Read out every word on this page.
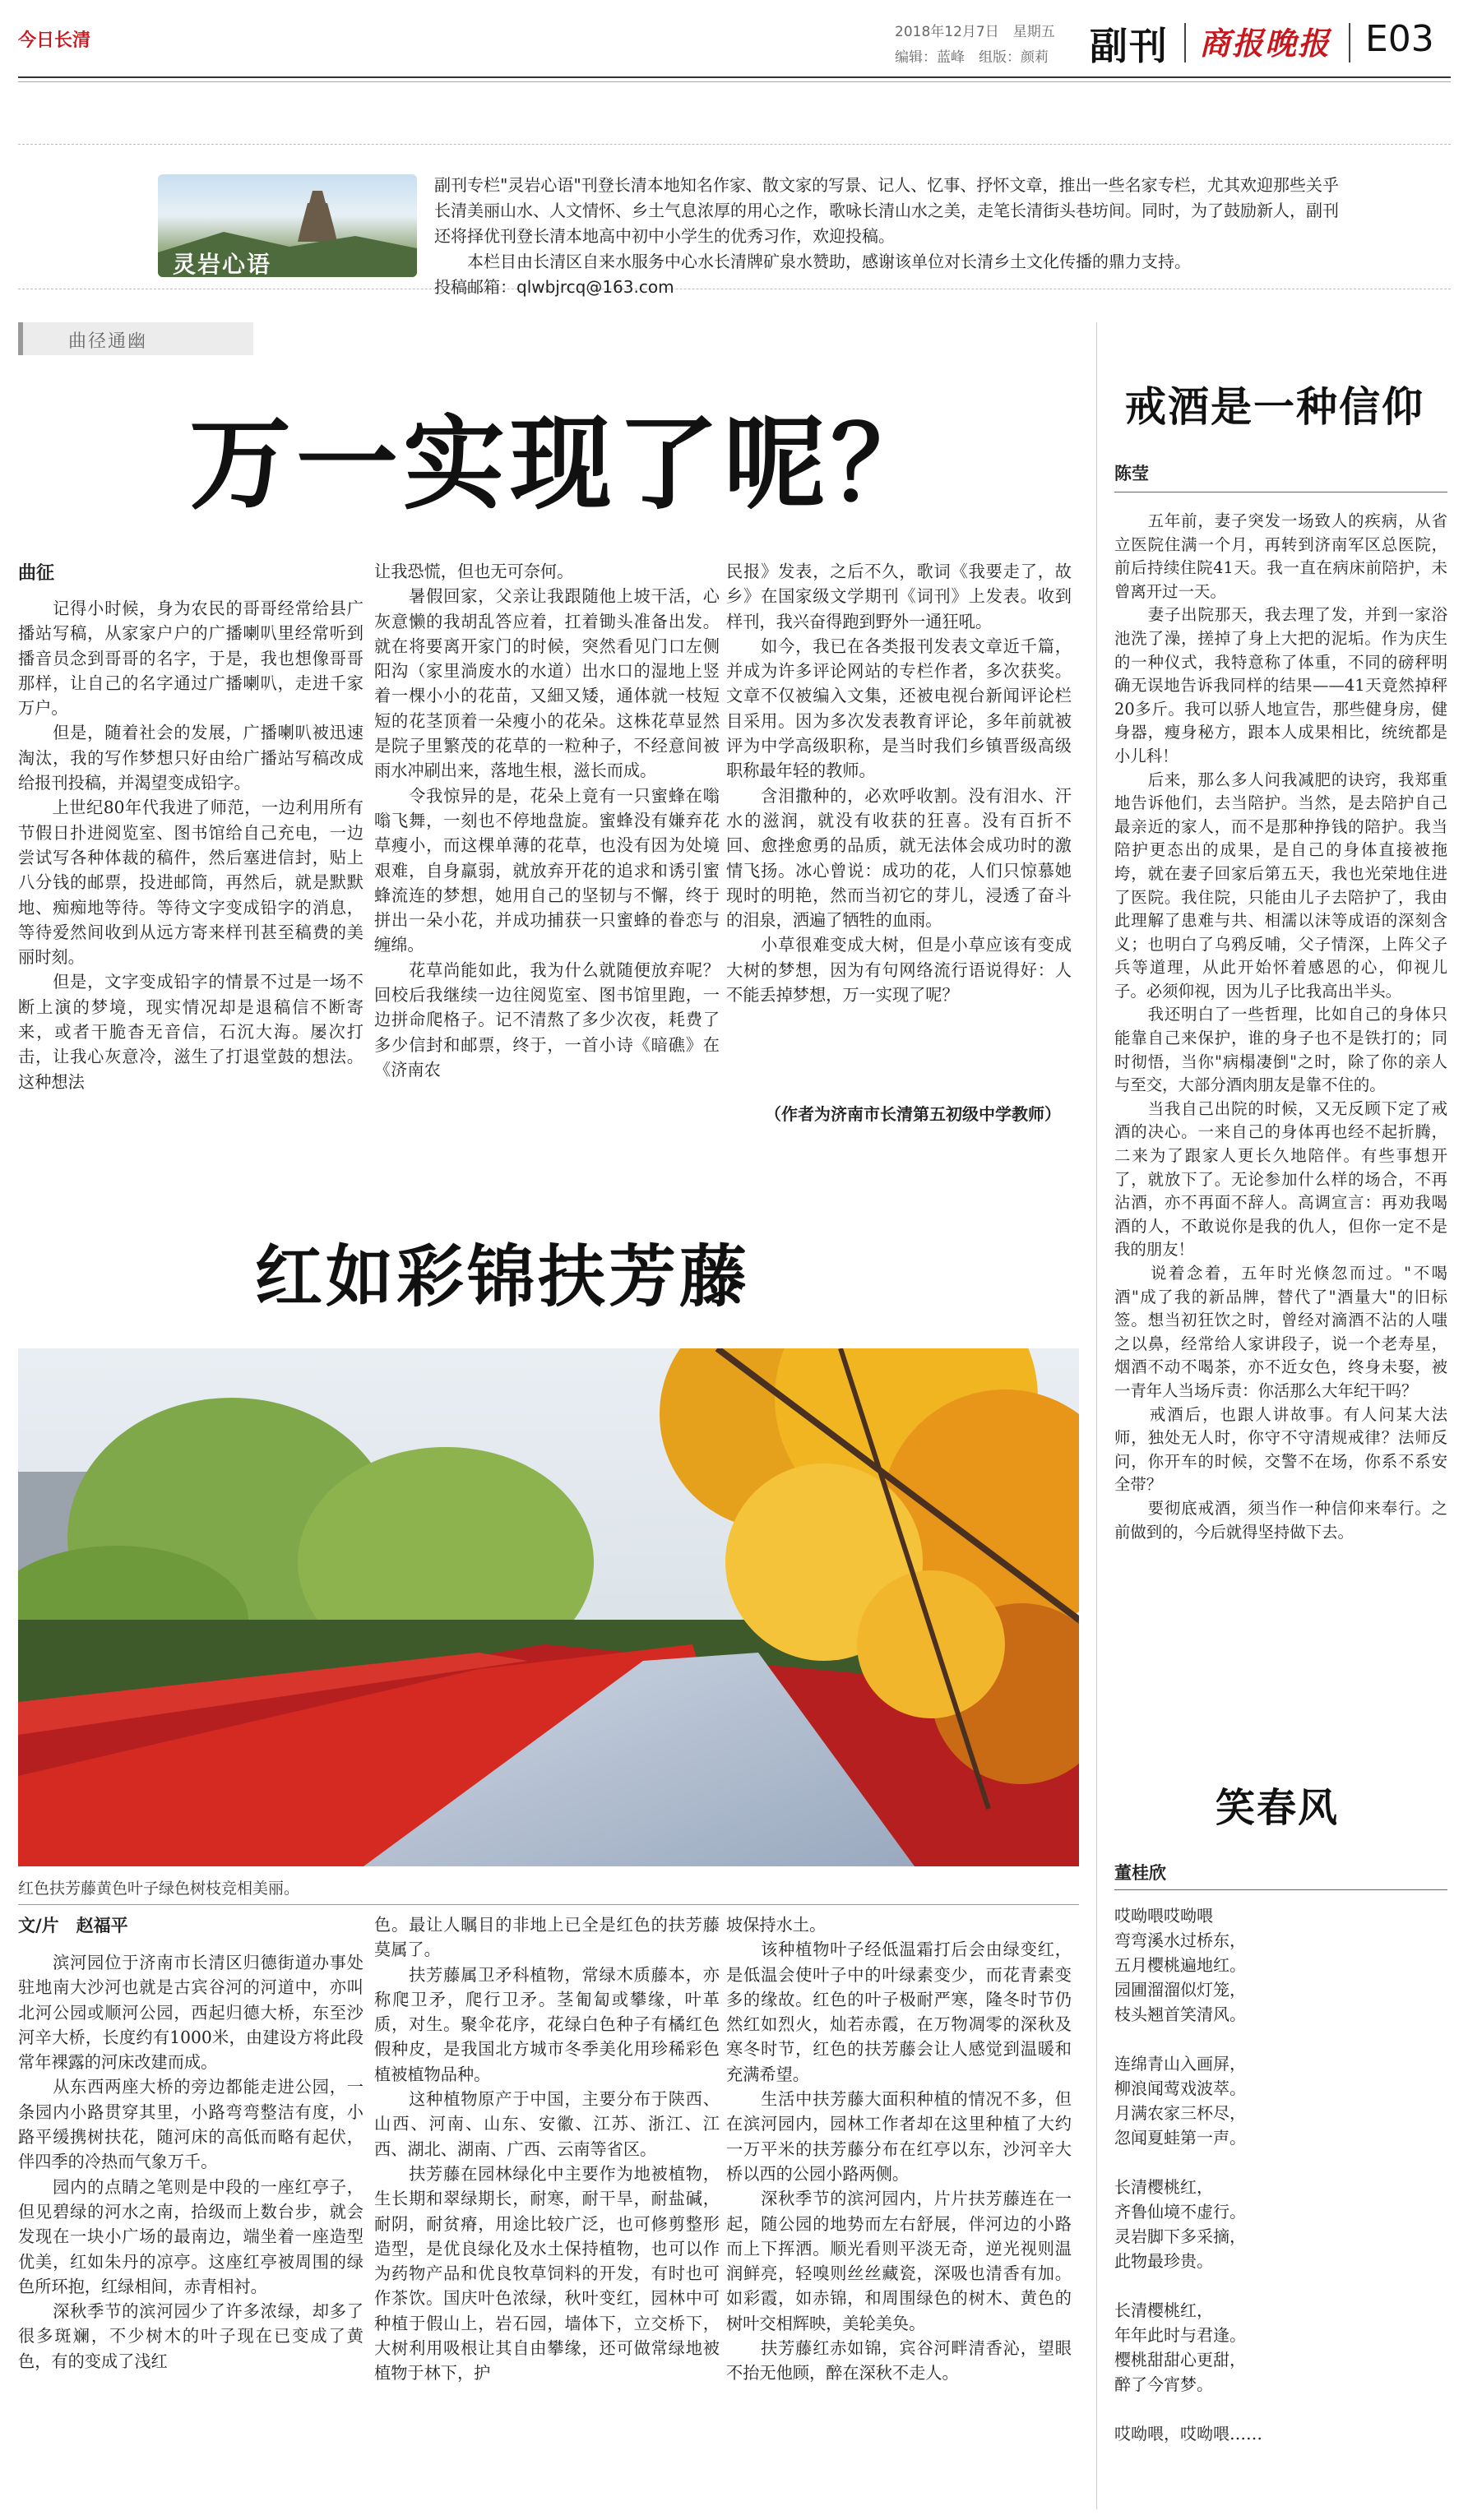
今日长清	2018年12月7日　星期五
编辑：蓝峰　组版：颜莉 副刊 商报晚报 E03
灵岩心语
副刊专栏"灵岩心语"刊登长清本地知名作家、散文家的写景、记人、忆事、抒怀文章，推出一些名家专栏，尤其欢迎那些关乎长清美丽山水、人文情怀、乡土气息浓厚的用心之作，歌咏长清山水之美，走笔长清街头巷坊间。同时，为了鼓励新人，副刊还将择优刊登长清本地高中初中小学生的优秀习作，欢迎投稿。
本栏目由长清区自来水服务中心水长清牌矿泉水赞助，感谢该单位对长清乡土文化传播的鼎力支持。
投稿邮箱：qlwbjrcq@163.com
曲径通幽
万一实现了呢？
曲征
　　记得小时候，身为农民的哥哥经常给县广播站写稿，从家家户户的广播喇叭里经常听到播音员念到哥哥的名字，于是，我也想像哥哥那样，让自己的名字通过广播喇叭，走进千家万户。
　　但是，随着社会的发展，广播喇叭被迅速淘汰，我的写作梦想只好由给广播站写稿改成给报刊投稿，并渴望变成铅字。
　　上世纪80年代我进了师范，一边利用所有节假日扑进阅览室、图书馆给自己充电，一边尝试写各种体裁的稿件，然后塞进信封，贴上八分钱的邮票，投进邮筒，再然后，就是默默地、痴痴地等待。等待文字变成铅字的消息，等待爱然间收到从远方寄来样刊甚至稿费的美丽时刻。
　　但是，文字变成铅字的情景不过是一场不断上演的梦境，现实情况却是退稿信不断寄来，或者干脆杳无音信，石沉大海。屡次打击，让我心灰意冷，滋生了打退堂鼓的想法。这种想法
让我恐慌，但也无可奈何。
　　暑假回家，父亲让我跟随他上坡干活，心灰意懒的我胡乱答应着，扛着锄头准备出发。就在将要离开家门的时候，突然看见门口左侧阳沟（家里淌废水的水道）出水口的湿地上竖着一棵小小的花苗，又細又矮，通体就一枝短短的花茎顶着一朵瘦小的花朵。这株花草显然是院子里繁茂的花草的一粒种子，不经意间被雨水冲刷出来，落地生根，滋长而成。
　　令我惊异的是，花朵上竟有一只蜜蜂在嗡嗡飞舞，一刻也不停地盘旋。蜜蜂没有嫌弃花草瘦小，而这棵单薄的花草，也没有因为处境艰难，自身羸弱，就放弃开花的追求和诱引蜜蜂流连的梦想，她用自己的坚韧与不懈，终于拼出一朵小花，并成功捕获一只蜜蜂的眷恋与缠绵。
　　花草尚能如此，我为什么就随便放弃呢？回校后我继续一边往阅览室、图书馆里跑，一边拼命爬格子。记不清熬了多少次夜，耗费了多少信封和邮票，终于，一首小诗《暗礁》在《济南农
民报》发表，之后不久，歌词《我要走了，故乡》在国家级文学期刊《词刊》上发表。收到样刊，我兴奋得跑到野外一通狂吼。
　　如今，我已在各类报刊发表文章近千篇，并成为许多评论网站的专栏作者，多次获奖。文章不仅被编入文集，还被电视台新闻评论栏目采用。因为多次发表教育评论，多年前就被评为中学高级职称，是当时我们乡镇晋级高级职称最年轻的教师。
　　含泪撒种的，必欢呼收割。没有泪水、汗水的滋润，就没有收获的狂喜。没有百折不回、愈挫愈勇的品质，就无法体会成功时的激情飞扬。冰心曾说：成功的花，人们只惊慕她现时的明艳，然而当初它的芽儿，浸透了奋斗的泪泉，洒遍了牺牲的血雨。
　　小草很难变成大树，但是小草应该有变成大树的梦想，因为有句网络流行语说得好：人不能丢掉梦想，万一实现了呢？
（作者为济南市长清第五初级中学教师）
红如彩锦扶芳藤
红色扶芳藤黄色叶子绿色树枝竞相美丽。
文/片　赵福平
　　滨河园位于济南市长清区归德街道办事处驻地南大沙河也就是古宾谷河的河道中，亦叫北河公园或顺河公园，西起归德大桥，东至沙河辛大桥，长度约有1000米，由建设方将此段常年裸露的河床改建而成。
　　从东西两座大桥的旁边都能走进公园，一条园内小路贯穿其里，小路弯弯整洁有度，小路平缓携树扶花，随河床的高低而略有起伏，伴四季的冷热而气象万千。
　　园内的点睛之笔则是中段的一座红亭子，但见碧绿的河水之南，拾级而上数台步，就会发现在一块小广场的最南边，端坐着一座造型优美，红如朱丹的凉亭。这座红亭被周围的绿色所环抱，红绿相间，赤青相衬。
　　深秋季节的滨河园少了许多浓绿，却多了很多斑斓，不少树木的叶子现在已变成了黄色，有的变成了浅红
色。最让人瞩目的非地上已全是红色的扶芳藤莫属了。
　　扶芳藤属卫矛科植物，常绿木质藤本，亦称爬卫矛，爬行卫矛。茎匍匐或攀缘，叶革质，对生。聚伞花序，花绿白色种子有橘红色假种皮，是我国北方城市冬季美化用珍稀彩色植被植物品种。
　　这种植物原产于中国，主要分布于陕西、山西、河南、山东、安徽、江苏、浙江、江西、湖北、湖南、广西、云南等省区。
　　扶芳藤在园林绿化中主要作为地被植物，生长期和翠绿期长，耐寒，耐干旱，耐盐碱，耐阴，耐贫瘠，用途比较广泛，也可修剪整形造型，是优良绿化及水土保持植物，也可以作为药物产品和优良牧草饲料的开发，有时也可作茶饮。国庆叶色浓绿，秋叶变红，园林中可种植于假山上，岩石园，墙体下，立交桥下，大树利用吸根让其自由攀缘，还可做常绿地被植物于林下，护
坡保持水土。
　　该种植物叶子经低温霜打后会由绿变红，是低温会使叶子中的叶绿素变少，而花青素变多的缘故。红色的叶子极耐严寒，隆冬时节仍然红如烈火，灿若赤霞，在万物凋零的深秋及寒冬时节，红色的扶芳藤会让人感觉到温暖和充满希望。
　　生活中扶芳藤大面积种植的情况不多，但在滨河园内，园林工作者却在这里种植了大约一万平米的扶芳藤分布在红亭以东，沙河辛大桥以西的公园小路两侧。
　　深秋季节的滨河园内，片片扶芳藤连在一起，随公园的地势而左右舒展，伴河边的小路而上下挥洒。顺光看则平淡无奇，逆光视则温润鲜亮，轻嗅则丝丝藏瓷，深吸也清香有加。如彩霞，如赤锦，和周围绿色的树木、黄色的树叶交相辉映，美轮美奂。
　　扶芳藤红赤如锦，宾谷河畔清香沁，望眼不抬无他顾，醉在深秋不走人。
戒酒是一种信仰
陈莹
　　五年前，妻子突发一场致人的疾病，从省立医院住满一个月，再转到济南军区总医院，前后持续住院41天。我一直在病床前陪护，未曾离开过一天。
　　妻子出院那天，我去理了发，并到一家浴池洗了澡，搓掉了身上大把的泥垢。作为庆生的一种仪式，我特意称了体重，不同的磅秤明确无误地告诉我同样的结果——41天竟然掉秤20多斤。我可以骄人地宣告，那些健身房，健身器，瘦身秘方，跟本人成果相比，统统都是小儿科！
　　后来，那么多人问我减肥的诀窍，我郑重地告诉他们，去当陪护。当然，是去陪护自己最亲近的家人，而不是那种挣钱的陪护。我当陪护更态出的成果，是自己的身体直接被拖垮，就在妻子回家后第五天，我也光荣地住进了医院。我住院，只能由儿子去陪护了，我由此理解了患难与共、相濡以沫等成语的深刻含义；也明白了乌鸦反哺，父子情深，上阵父子兵等道理，从此开始怀着感恩的心，仰视儿子。必须仰视，因为儿子比我高出半头。
　　我还明白了一些哲理，比如自己的身体只能靠自己来保护，谁的身子也不是铁打的；同时彻悟，当你"病榻凄倒"之时，除了你的亲人与至交，大部分酒肉朋友是靠不住的。
　　当我自己出院的时候，又无反顾下定了戒酒的决心。一来自己的身体再也经不起折腾，二来为了跟家人更长久地陪伴。有些事想开了，就放下了。无论参加什么样的场合，不再沾酒，亦不再面不辞人。高调宣言：再劝我喝酒的人，不敢说你是我的仇人，但你一定不是我的朋友！
　　说着念着，五年时光倏忽而过。"不喝酒"成了我的新品牌，替代了"酒量大"的旧标签。想当初狂饮之时，曾经对滴酒不沾的人嗤之以鼻，经常给人家讲段子，说一个老寿星，烟酒不动不喝茶，亦不近女色，终身未娶，被一青年人当场斥责：你活那么大年纪干吗？
　　戒酒后，也跟人讲故事。有人问某大法师，独处无人时，你守不守清规戒律？法师反问，你开车的时候，交警不在场，你系不系安全带？
　　要彻底戒酒，须当作一种信仰来奉行。之前做到的，今后就得坚持做下去。
笑春风
董桂欣
哎呦喂哎呦喂
弯弯溪水过桥东，
五月樱桃遍地红。
园圃溜溜似灯笼，
枝头翘首笑清风。

连绵青山入画屏，
柳浪闻莺戏波萃。
月满农家三杯尽，
忽闻夏蛙第一声。

长清樱桃红，
齐鲁仙境不虚行。
灵岩脚下多采摘，
此物最珍贵。

长清樱桃红，
年年此时与君逢。
樱桃甜甜心更甜，
醉了今宵梦。

哎呦喂，哎呦喂……
